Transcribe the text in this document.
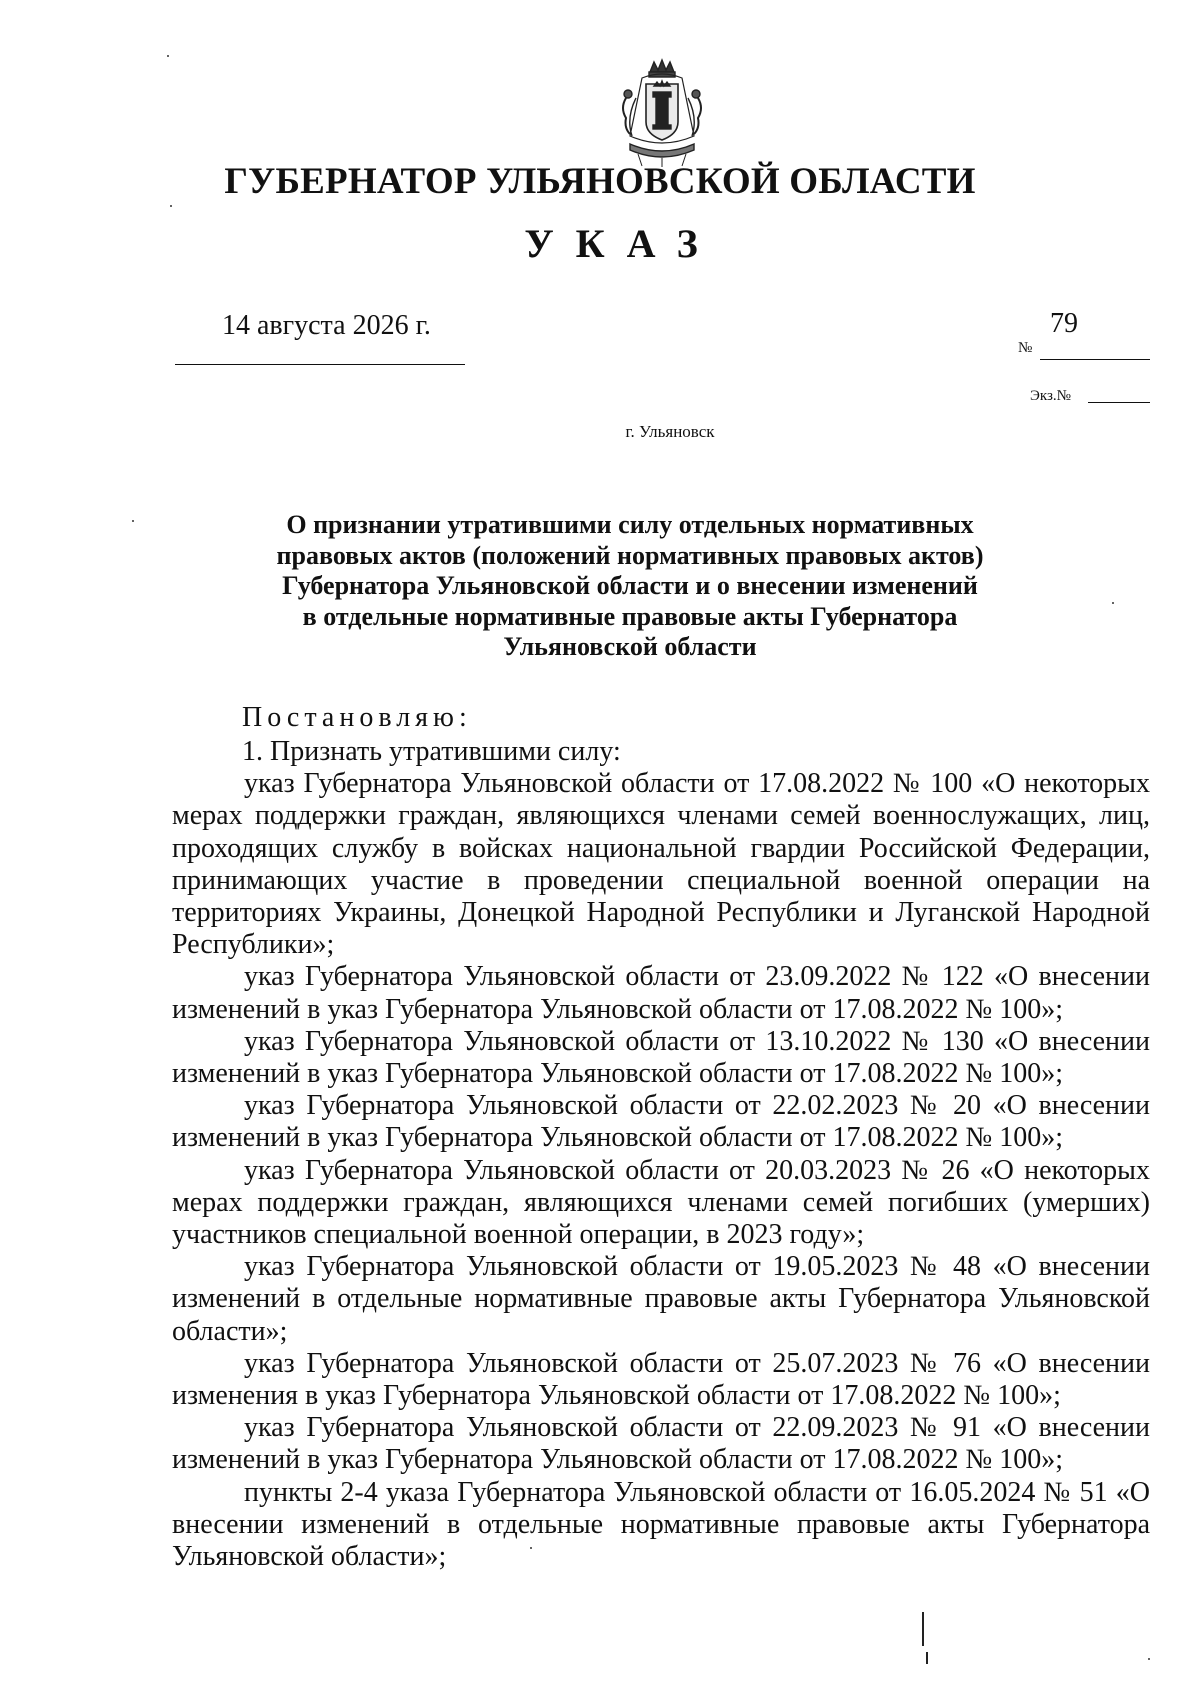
ГУБЕРНАТОР УЛЬЯНОВСКОЙ ОБЛАСТИ
УКАЗ
14 августа 2026 г.
№
79
Экз.№
г. Ульяновск
О признании утратившими силу отдельных нормативных
правовых актов (положений нормативных правовых актов)
Губернатора Ульяновской области и о внесении изменений
в отдельные нормативные правовые акты Губернатора
Ульяновской области
Постановляю:

1. Признать утратившими силу:

указ Губернатора Ульяновской области от 17.08.2022 № 100 «О некоторых мерах поддержки граждан, являющихся членами семей военнослужащих, лиц, проходящих службу в войсках национальной гвардии Российской Федерации, принимающих участие в проведении специальной военной операции на территориях Украины, Донецкой Народной Республики и Луганской Народной Республики»;

указ Губернатора Ульяновской области от 23.09.2022 № 122 «О внесении изменений в указ Губернатора Ульяновской области от 17.08.2022 № 100»;

указ Губернатора Ульяновской области от 13.10.2022 № 130 «О внесении изменений в указ Губернатора Ульяновской области от 17.08.2022 № 100»;

указ Губернатора Ульяновской области от 22.02.2023 № 20 «О внесении изменений в указ Губернатора Ульяновской области от 17.08.2022 № 100»;

указ Губернатора Ульяновской области от 20.03.2023 № 26 «О некоторых мерах поддержки граждан, являющихся членами семей погибших (умерших) участников специальной военной операции, в 2023 году»;

указ Губернатора Ульяновской области от 19.05.2023 № 48 «О внесении изменений в отдельные нормативные правовые акты Губернатора Ульяновской области»;

указ Губернатора Ульяновской области от 25.07.2023 № 76 «О внесении изменения в указ Губернатора Ульяновской области от 17.08.2022 № 100»;

указ Губернатора Ульяновской области от 22.09.2023 № 91 «О внесении изменений в указ Губернатора Ульяновской области от 17.08.2022 № 100»;

пункты 2-4 указа Губернатора Ульяновской области от 16.05.2024 № 51 «О внесении изменений в отдельные нормативные правовые акты Губернатора Ульяновской области»;
